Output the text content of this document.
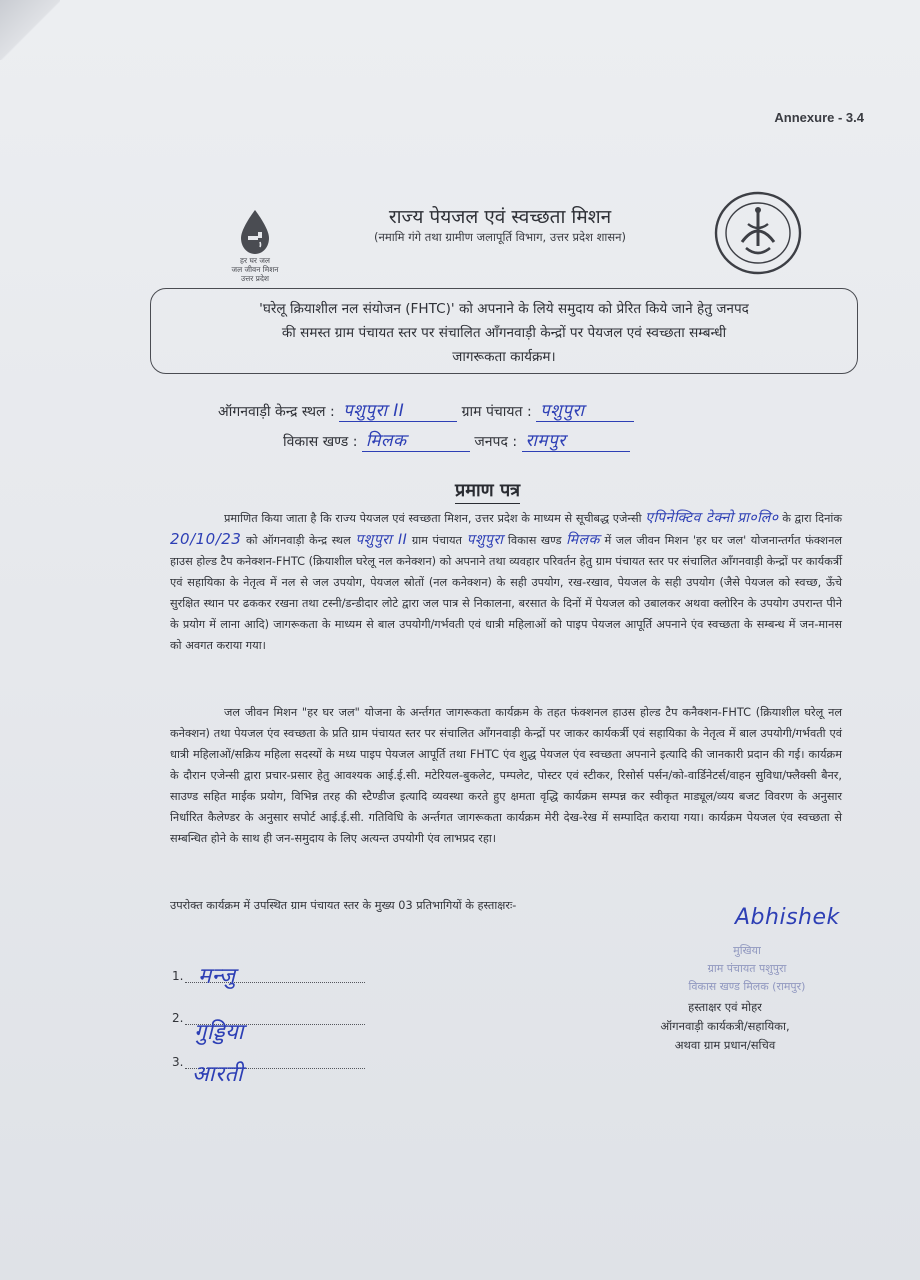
Annexure - 3.4
हर घर जल
जल जीवन मिशन
उत्तर प्रदेश
राज्य पेयजल एवं स्वच्छता मिशन
(नमामि गंगे तथा ग्रामीण जलापूर्ति विभाग, उत्तर प्रदेश शासन)
'घरेलू क्रियाशील नल संयोजन (FHTC)' को अपनाने के लिये समुदाय को प्रेरित किये जाने हेतु जनपद
की समस्त ग्राम पंचायत स्तर पर संचालित आँगनवाड़ी केन्द्रों पर पेयजल एवं स्वच्छता सम्बन्धी
जागरूकता कार्यक्रम।
ऑगनवाड़ी केन्द्र स्थल : पशुपुरा II	ग्राम पंचायत : पशुपुरा
विकास खण्ड : मिलक	जनपद : रामपुर
प्रमाण पत्र
प्रमाणित किया जाता है कि राज्य पेयजल एवं स्वच्छता मिशन, उत्तर प्रदेश के माध्यम से सूचीबद्ध एजेन्सी एपिनेक्टिव टेक्नो प्रा०लि० के द्वारा दिनांक 20/10/23 को ऑगनवाड़ी केन्द्र स्थल पशुपुरा II ग्राम पंचायत पशुपुरा विकास खण्ड मिलक में जल जीवन मिशन 'हर घर जल' योजनान्तर्गत फंक्शनल हाउस होल्ड टैप कनेक्शन-FHTC (क्रियाशील घरेलू नल कनेक्शन) को अपनाने तथा व्यवहार परिवर्तन हेतु ग्राम पंचायत स्तर पर संचालित आँगनवाड़ी केन्द्रों पर कार्यकर्त्री एवं सहायिका के नेतृत्व में नल से जल उपयोग, पेयजल स्रोतों (नल कनेक्शन) के सही उपयोग, रख-रखाव, पेयजल के सही उपयोग (जैसे पेयजल को स्वच्छ, ऊँचे सुरक्षित स्थान पर ढककर रखना तथा टस्नी/डन्डीदार लोटे द्वारा जल पात्र से निकालना, बरसात के दिनों में पेयजल को उबालकर अथवा क्लोरिन के उपयोग उपरान्त पीने के प्रयोग में लाना आदि) जागरूकता के माध्यम से बाल उपयोगी/गर्भवती एवं धात्री महिलाओं को पाइप पेयजल आपूर्ति अपनाने एंव स्वच्छता के सम्बन्ध में जन-मानस को अवगत कराया गया।
जल जीवन मिशन "हर घर जल" योजना के अर्न्तगत जागरूकता कार्यक्रम के तहत फंक्शनल हाउस होल्ड टैप कनैक्शन-FHTC (क्रियाशील घरेलू नल कनेक्शन) तथा पेयजल एंव स्वच्छता के प्रति ग्राम पंचायत स्तर पर संचालित आँगनवाड़ी केन्द्रों पर जाकर कार्यकर्त्री एवं सहायिका के नेतृत्व में बाल उपयोगी/गर्भवती एवं धात्री महिलाओं/सक्रिय महिला सदस्यों के मध्य पाइप पेयजल आपूर्ति तथा FHTC एंव शुद्ध पेयजल एंव स्वच्छता अपनाने इत्यादि की जानकारी प्रदान की गई। कार्यक्रम के दौरान एजेन्सी द्वारा प्रचार-प्रसार हेतु आवश्यक आई.ई.सी. मटेरियल-बुकलेट, पम्पलेट, पोस्टर एवं स्टीकर, रिसोर्स पर्सन/को-वार्डिनेटर्स/वाहन सुविधा/फ्लैक्सी बैनर, साउण्ड सहित माईक प्रयोग, विभिन्न तरह की स्टैण्डीज इत्यादि व्यवस्था करते हुए क्षमता वृद्धि कार्यक्रम सम्पन्न कर स्वीकृत माड्यूल/व्यय बजट विवरण के अनुसार निर्धारित कैलेण्डर के अनुसार सपोर्ट आई.ई.सी. गतिविधि के अर्न्तगत जागरूकता कार्यक्रम मेरी देख-रेख में सम्पादित कराया गया। कार्यक्रम पेयजल एंव स्वच्छता से सम्बन्धित होने के साथ ही जन-समुदाय के लिए अत्यन्त उपयोगी एंव लाभप्रद रहा।
उपरोक्त कार्यक्रम में उपस्थित ग्राम पंचायत स्तर के मुख्य 03 प्रतिभागियों के हस्ताक्षरः-
1. मन्जु
2.
गुड्डिया
3. आरती
Abhishek
मुखिया
ग्राम पंचायत पशुपुरा
विकास खण्ड मिलक (रामपुर)
हस्ताक्षर एवं मोहर
ऑगनवाड़ी कार्यकत्री/सहायिका,
अथवा ग्राम प्रधान/सचिव
